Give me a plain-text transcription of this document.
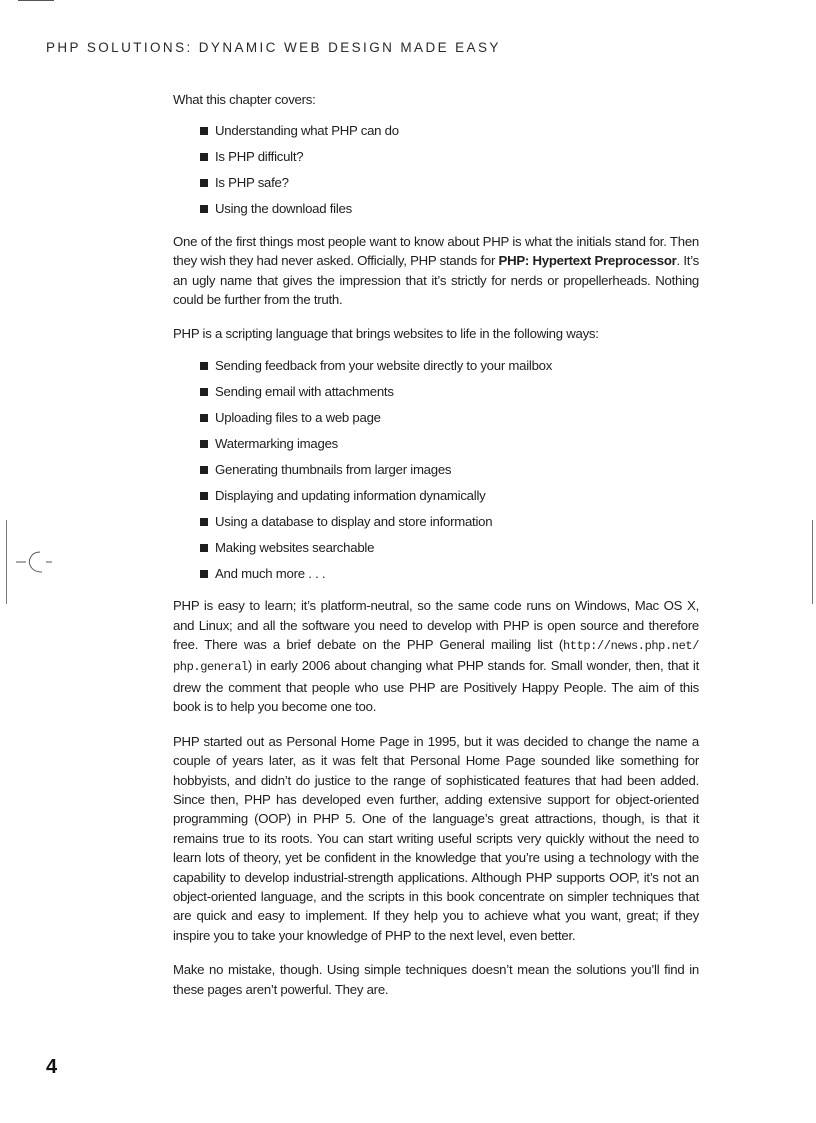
PHP SOLUTIONS: DYNAMIC WEB DESIGN MADE EASY

What this chapter covers:

Understanding what PHP can do
Is PHP difficult?
Is PHP safe?
Using the download files

One of the first things most people want to know about PHP is what the initials stand for. Then they wish they had never asked. Officially, PHP stands for PHP: Hypertext Preprocessor. It’s an ugly name that gives the impression that it’s strictly for nerds or propellerheads. Nothing could be further from the truth.

PHP is a scripting language that brings websites to life in the following ways:

Sending feedback from your website directly to your mailbox
Sending email with attachments
Uploading files to a web page
Watermarking images
Generating thumbnails from larger images
Displaying and updating information dynamically
Using a database to display and store information
Making websites searchable
And much more . . .

PHP is easy to learn; it’s platform-neutral, so the same code runs on Windows, Mac OS X, and Linux; and all the software you need to develop with PHP is open source and therefore free. There was a brief debate on the PHP General mailing list (http://news.php.net/ php.general) in early 2006 about changing what PHP stands for. Small wonder, then, that it drew the comment that people who use PHP are Positively Happy People. The aim of this book is to help you become one too.

PHP started out as Personal Home Page in 1995, but it was decided to change the name a couple of years later, as it was felt that Personal Home Page sounded like something for hobbyists, and didn’t do justice to the range of sophisticated features that had been added. Since then, PHP has developed even further, adding extensive support for object-oriented programming (OOP) in PHP 5. One of the language’s great attractions, though, is that it remains true to its roots. You can start writing useful scripts very quickly without the need to learn lots of theory, yet be confident in the knowledge that you’re using a technology with the capability to develop industrial-strength applications. Although PHP supports OOP, it’s not an object-oriented language, and the scripts in this book concentrate on simpler techniques that are quick and easy to implement. If they help you to achieve what you want, great; if they inspire you to take your knowledge of PHP to the next level, even better.

Make no mistake, though. Using simple techniques doesn’t mean the solutions you’ll find in these pages aren’t powerful. They are.

4
